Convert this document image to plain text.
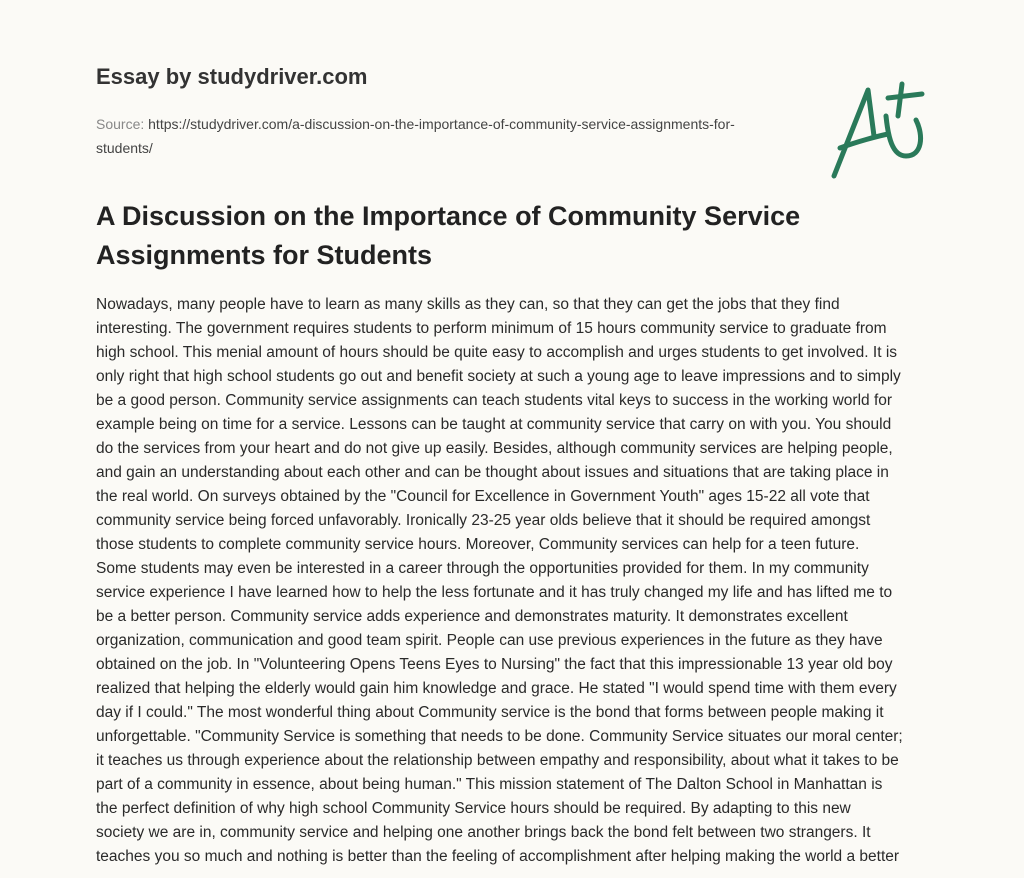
Essay by studydriver.com
Source: https://studydriver.com/a-discussion-on-the-importance-of-community-service-assignments-for-students/
A Discussion on the Importance of Community Service Assignments for Students
Nowadays, many people have to learn as many skills as they can, so that they can get the jobs that they find
interesting. The government requires students to perform minimum of 15 hours community service to graduate from
high school. This menial amount of hours should be quite easy to accomplish and urges students to get involved. It is
only right that high school students go out and benefit society at such a young age to leave impressions and to simply
be a good person. Community service assignments can teach students vital keys to success in the working world for
example being on time for a service. Lessons can be taught at community service that carry on with you. You should
do the services from your heart and do not give up easily. Besides, although community services are helping people,
and gain an understanding about each other and can be thought about issues and situations that are taking place in
the real world. On surveys obtained by the "Council for Excellence in Government Youth" ages 15-22 all vote that
community service being forced unfavorably. Ironically 23-25 year olds believe that it should be required amongst
those students to complete community service hours. Moreover, Community services can help for a teen future.
Some students may even be interested in a career through the opportunities provided for them. In my community
service experience I have learned how to help the less fortunate and it has truly changed my life and has lifted me to
be a better person. Community service adds experience and demonstrates maturity. It demonstrates excellent
organization, communication and good team spirit. People can use previous experiences in the future as they have
obtained on the job. In "Volunteering Opens Teens Eyes to Nursing" the fact that this impressionable 13 year old boy
realized that helping the elderly would gain him knowledge and grace. He stated "I would spend time with them every
day if I could." The most wonderful thing about Community service is the bond that forms between people making it
unforgettable. "Community Service is something that needs to be done. Community Service situates our moral center;
it teaches us through experience about the relationship between empathy and responsibility, about what it takes to be
part of a community in essence, about being human." This mission statement of The Dalton School in Manhattan is
the perfect definition of why high school Community Service hours should be required. By adapting to this new
society we are in, community service and helping one another brings back the bond felt between two strangers. It
teaches you so much and nothing is better than the feeling of accomplishment after helping making the world a better
